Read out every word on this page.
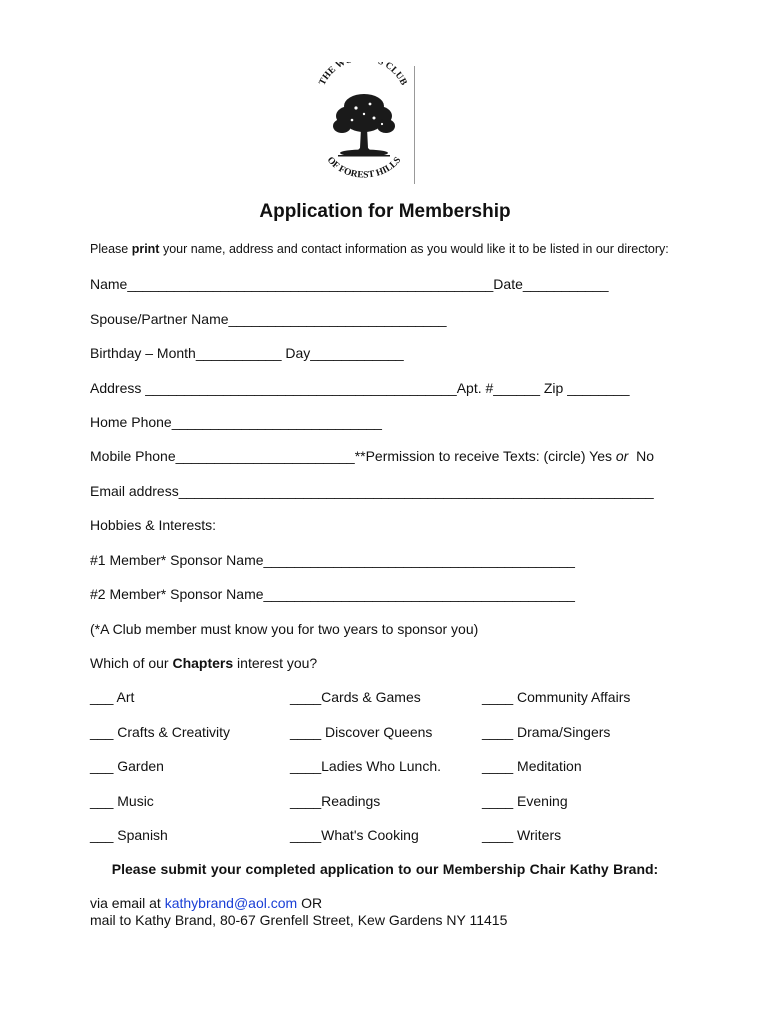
THE W S CLUB
OF FOREST HILLS
Application for Membership
Please print your name, address and contact information as you would like it to be listed in our directory:
Name_______________________________________________Date___________
Spouse/Partner Name____________________________
Birthday – Month___________ Day____________
Address ________________________________________Apt. #______ Zip ________
Home Phone___________________________
Mobile Phone_______________________**Permission to receive Texts: (circle) Yes or  No
Email address_____________________________________________________________
Hobbies & Interests:
#1 Member* Sponsor Name________________________________________
#2 Member* Sponsor Name________________________________________
(*A Club member must know you for two years to sponsor you)
Which of our Chapters interest you?
___ Art	____Cards & Games	____ Community Affairs
___ Crafts & Creativity	____ Discover Queens	____ Drama/Singers
___ Garden	____Ladies Who Lunch.	____ Meditation
___ Music	____Readings	____ Evening
___ Spanish	____What's Cooking	____ Writers
Please submit your completed application to our Membership Chair Kathy Brand:
via email at kathybrand@aol.com OR
mail to Kathy Brand, 80-67 Grenfell Street, Kew Gardens NY 11415
